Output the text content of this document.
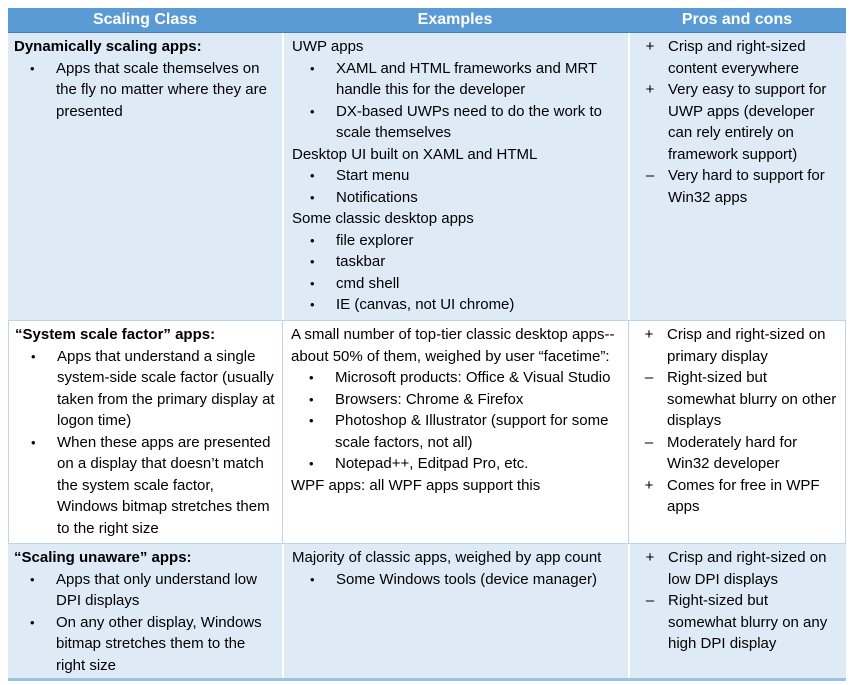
Scaling Class	Examples	Pros and cons
Dynamically scaling apps:
• Apps that scale themselves on the fly no matter where they are presented
UWP apps
• XAML and HTML frameworks and MRT handle this for the developer
• DX-based UWPs need to do the work to scale themselves
Desktop UI built on XAML and HTML
• Start menu
• Notifications
Some classic desktop apps
• file explorer
• taskbar
• cmd shell
• IE (canvas, not UI chrome)
+ Crisp and right-sized content everywhere
+ Very easy to support for UWP apps (developer can rely entirely on framework support)
– Very hard to support for Win32 apps
“System scale factor” apps:
• Apps that understand a single system-side scale factor (usually taken from the primary display at logon time)
• When these apps are presented on a display that doesn’t match the system scale factor, Windows bitmap stretches them to the right size
A small number of top-tier classic desktop apps--about 50% of them, weighed by user “facetime”:
• Microsoft products: Office & Visual Studio
• Browsers: Chrome & Firefox
• Photoshop & Illustrator (support for some scale factors, not all)
• Notepad++, Editpad Pro, etc.
WPF apps: all WPF apps support this
+ Crisp and right-sized on primary display
– Right-sized but somewhat blurry on other displays
– Moderately hard for Win32 developer
+ Comes for free in WPF apps
“Scaling unaware” apps:
• Apps that only understand low DPI displays
• On any other display, Windows bitmap stretches them to the right size
Majority of classic apps, weighed by app count
• Some Windows tools (device manager)
+ Crisp and right-sized on low DPI displays
– Right-sized but somewhat blurry on any high DPI display
